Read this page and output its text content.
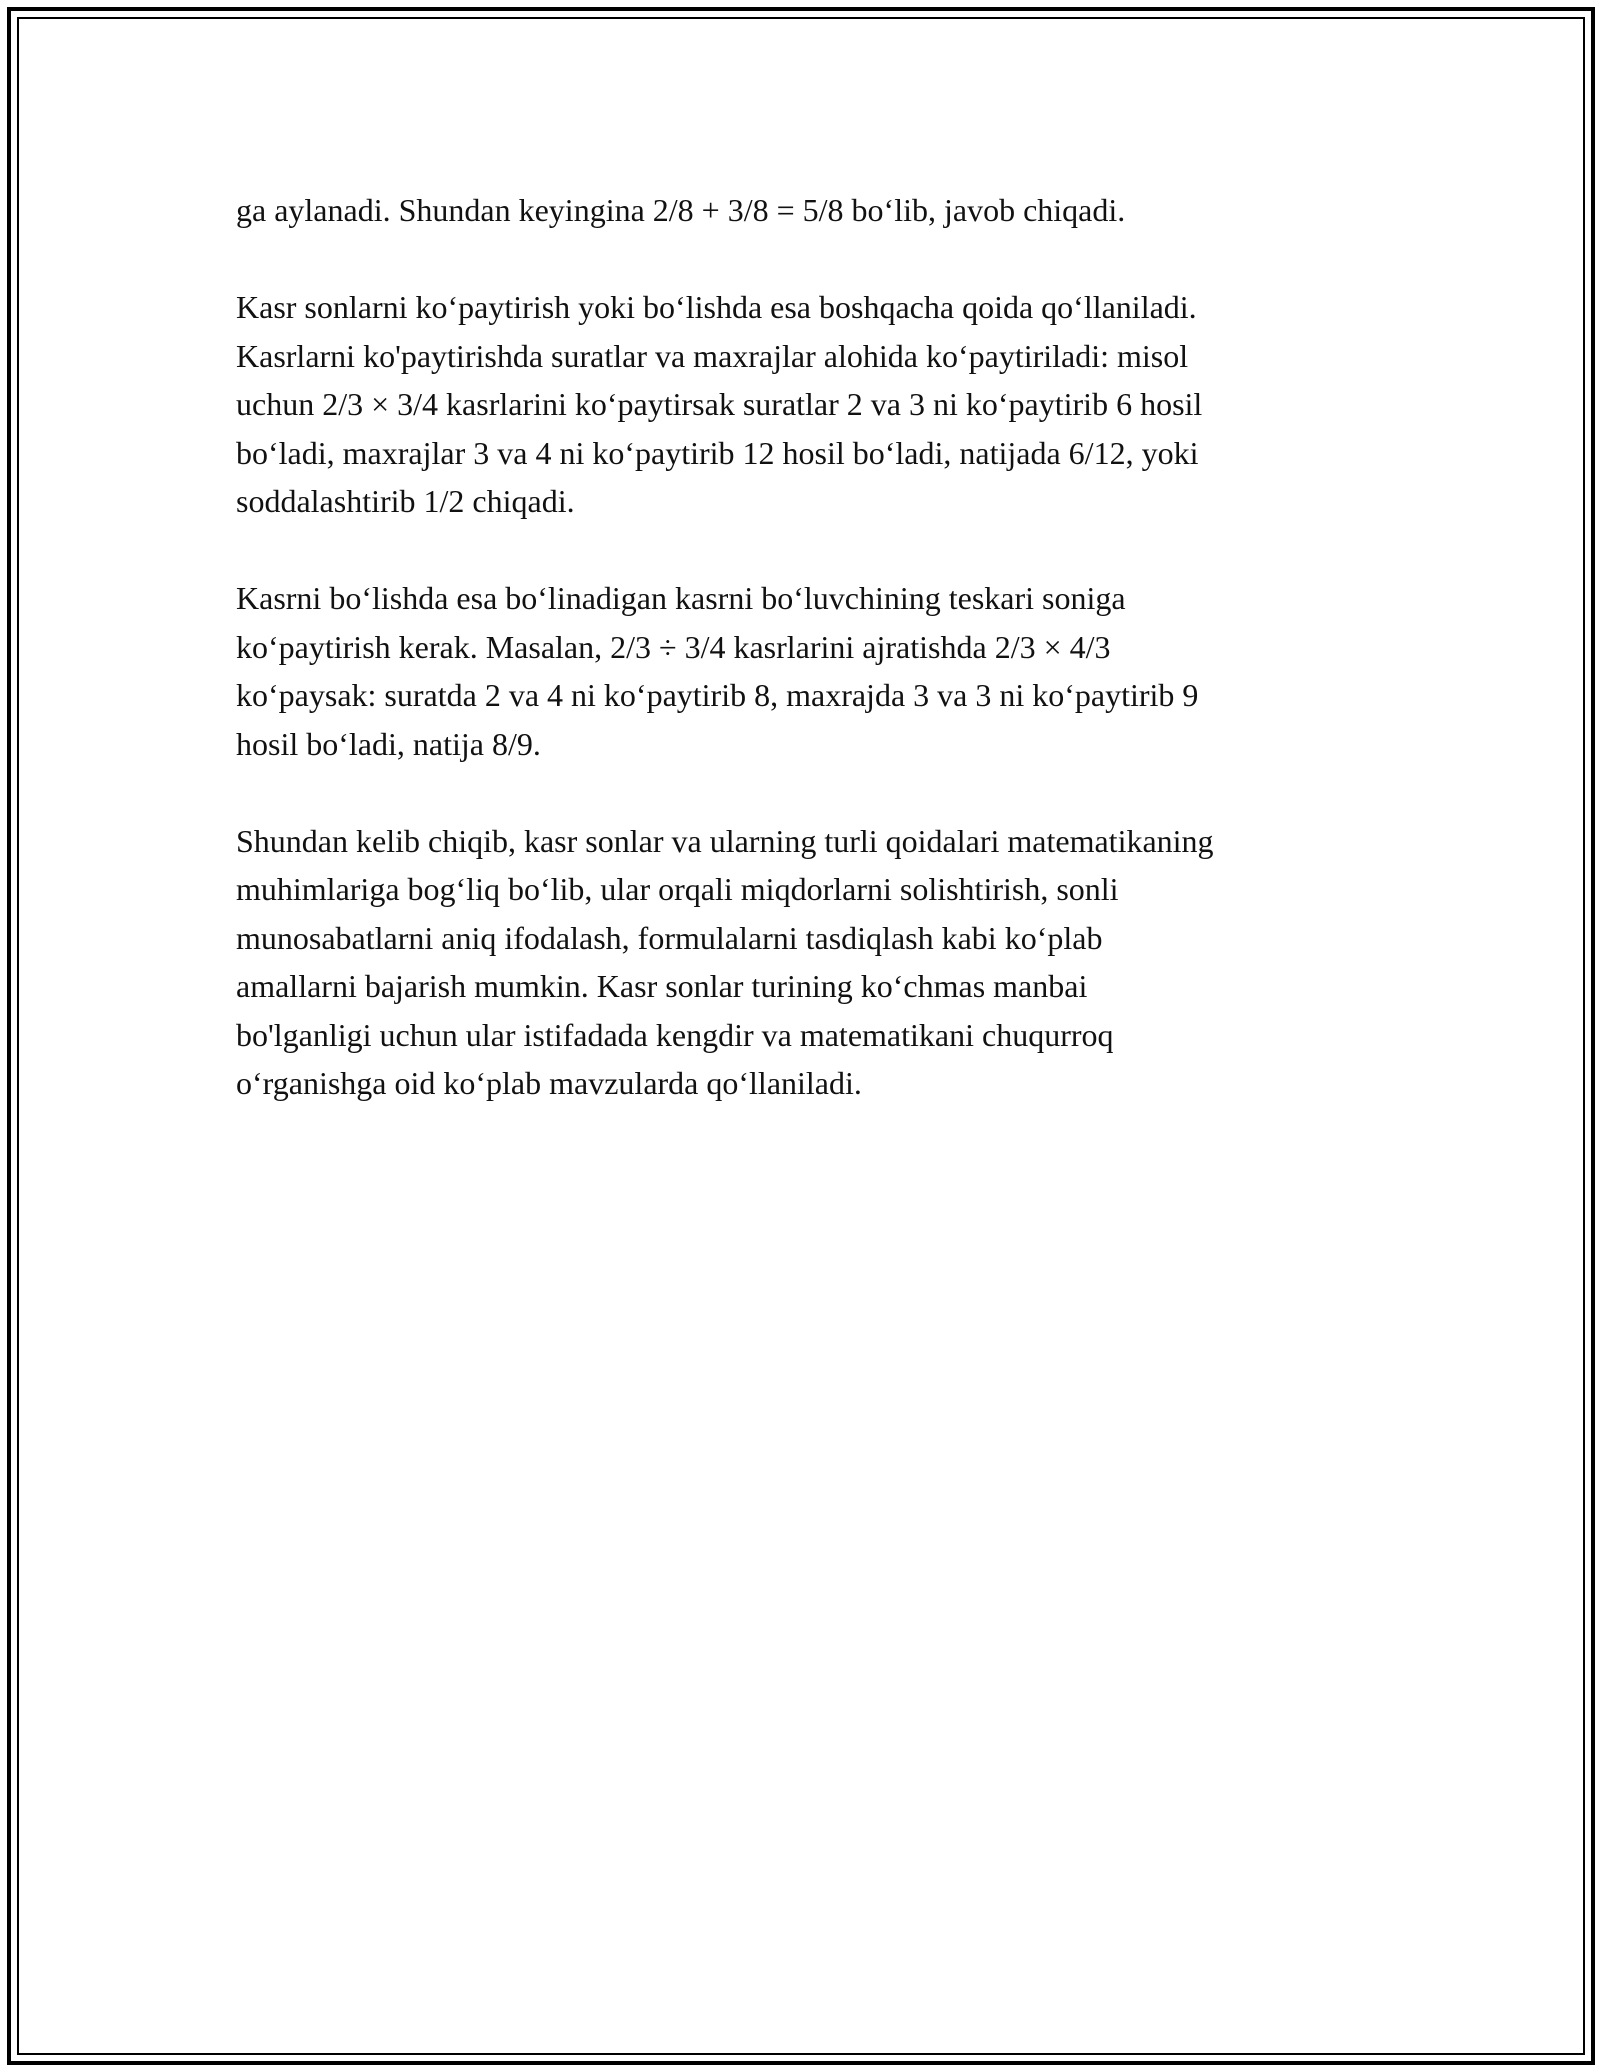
ga aylanadi. Shundan keyingina 2/8 + 3/8 = 5/8 bo‘lib, javob chiqadi.

Kasr sonlarni ko‘paytirish yoki bo‘lishda esa boshqacha qoida qo‘llaniladi.
Kasrlarni ko'paytirishda suratlar va maxrajlar alohida ko‘paytiriladi: misol
uchun 2/3 × 3/4 kasrlarini ko‘paytirsak suratlar 2 va 3 ni ko‘paytirib 6 hosil
bo‘ladi, maxrajlar 3 va 4 ni ko‘paytirib 12 hosil bo‘ladi, natijada 6/12, yoki
soddalashtirib 1/2 chiqadi.

Kasrni bo‘lishda esa bo‘linadigan kasrni bo‘luvchining teskari soniga
ko‘paytirish kerak. Masalan, 2/3 ÷ 3/4 kasrlarini ajratishda 2/3 × 4/3
ko‘paysak: suratda 2 va 4 ni ko‘paytirib 8, maxrajda 3 va 3 ni ko‘paytirib 9
hosil bo‘ladi, natija 8/9.

Shundan kelib chiqib, kasr sonlar va ularning turli qoidalari matematikaning
muhimlariga bog‘liq bo‘lib, ular orqali miqdorlarni solishtirish, sonli
munosabatlarni aniq ifodalash, formulalarni tasdiqlash kabi ko‘plab
amallarni bajarish mumkin. Kasr sonlar turining ko‘chmas manbai
bo'lganligi uchun ular istifadada kengdir va matematikani chuqurroq
o‘rganishga oid ko‘plab mavzularda qo‘llaniladi.
